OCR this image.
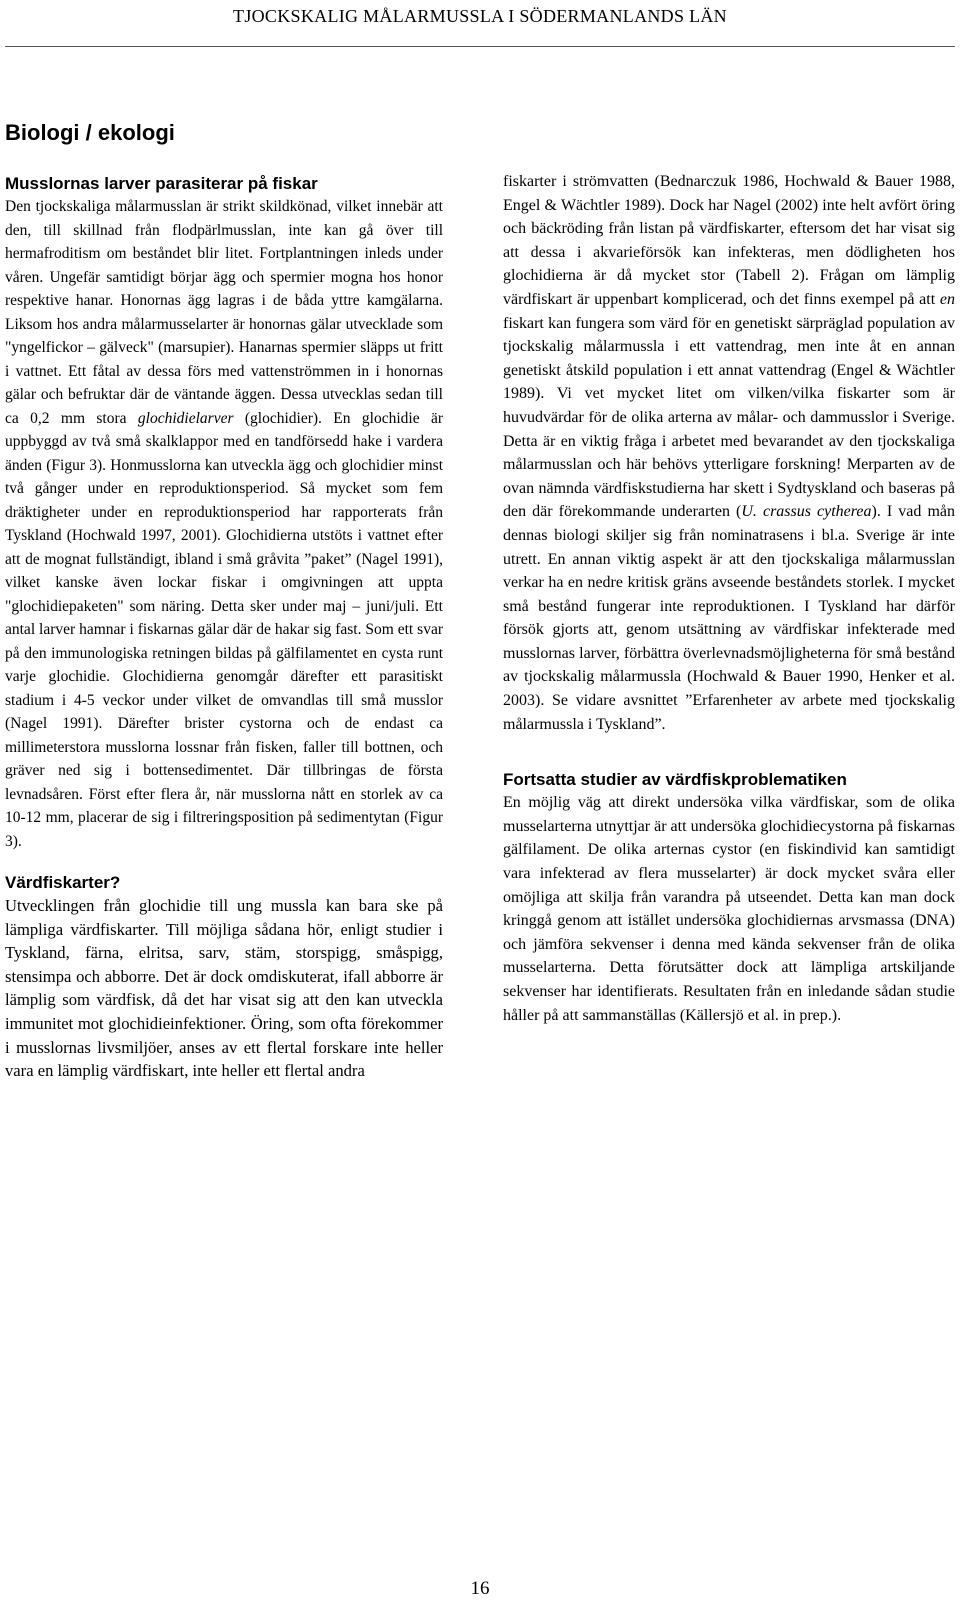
TJOCKSKALIG MÅLARMUSSLA I SÖDERMANLANDS LÄN
Biologi / ekologi
Musslornas larver parasiterar på fiskar

Den tjockskaliga målarmusslan är strikt skildkönad, vilket innebär att den, till skillnad från flodpärlmusslan, inte kan gå över till hermafroditism om beståndet blir litet. Fortplantningen inleds under våren. Ungefär samtidigt börjar ägg och spermier mogna hos honor respektive hanar. Honornas ägg lagras i de båda yttre kamgälarna. Liksom hos andra målarmusselarter är honornas gälar utvecklade som "yngelfickor – gälveck" (marsupier). Hanarnas spermier släpps ut fritt i vattnet. Ett fåtal av dessa förs med vattenströmmen in i honornas gälar och befruktar där de väntande äggen. Dessa utvecklas sedan till ca 0,2 mm stora glochidielarver (glochidier). En glochidie är uppbyggd av två små skalklappor med en tandförsedd hake i vardera änden (Figur 3). Honmusslorna kan utveckla ägg och glochidier minst två gånger under en reproduktionsperiod. Så mycket som fem dräktigheter under en reproduktionsperiod har rapporterats från Tyskland (Hochwald 1997, 2001). Glochidierna utstöts i vattnet efter att de mognat fullständigt, ibland i små gråvita ”paket” (Nagel 1991), vilket kanske även lockar fiskar i omgivningen att uppta "glochidiepaketen" som näring. Detta sker under maj – juni/juli. Ett antal larver hamnar i fiskarnas gälar där de hakar sig fast. Som ett svar på den immunologiska retningen bildas på gälfilamentet en cysta runt varje glochidie. Glochidierna genomgår därefter ett parasitiskt stadium i 4-5 veckor under vilket de omvandlas till små musslor (Nagel 1991). Därefter brister cystorna och de endast ca millimeterstora musslorna lossnar från fisken, faller till bottnen, och gräver ned sig i bottensedimentet. Där tillbringas de första levnadsåren. Först efter flera år, när musslorna nått en storlek av ca 10-12 mm, placerar de sig i filtreringsposition på sedimentytan (Figur 3).

Värdfiskarter?

Utvecklingen från glochidie till ung mussla kan bara ske på lämpliga värdfiskarter. Till möjliga sådana hör, enligt studier i Tyskland, färna, elritsa, sarv, stäm, storspigg, småspigg, stensimpa och abborre. Det är dock omdiskuterat, ifall abborre är lämplig som värdfisk, då det har visat sig att den kan utveckla immunitet mot glochidieinfektioner. Öring, som ofta förekommer i musslornas livsmiljöer, anses av ett flertal forskare inte heller vara en lämplig värdfiskart, inte heller ett flertal andra

fiskarter i strömvatten (Bednarczuk 1986, Hochwald & Bauer 1988, Engel & Wächtler 1989). Dock har Nagel (2002) inte helt avfört öring och bäckröding från listan på värdfiskarter, eftersom det har visat sig att dessa i akvarieförsök kan infekteras, men dödligheten hos glochidierna är då mycket stor (Tabell 2). Frågan om lämplig värdfiskart är uppenbart komplicerad, och det finns exempel på att en fiskart kan fungera som värd för en genetiskt särpräglad population av tjockskalig målarmussla i ett vattendrag, men inte åt en annan genetiskt åtskild population i ett annat vattendrag (Engel & Wächtler 1989). Vi vet mycket litet om vilken/vilka fiskarter som är huvudvärdar för de olika arterna av målar- och dammusslor i Sverige. Detta är en viktig fråga i arbetet med bevarandet av den tjockskaliga målarmusslan och här behövs ytterligare forskning! Merparten av de ovan nämnda värdfiskstudierna har skett i Sydtyskland och baseras på den där förekommande underarten (U. crassus cytherea). I vad mån dennas biologi skiljer sig från nominatrasens i bl.a. Sverige är inte utrett. En annan viktig aspekt är att den tjockskaliga målarmusslan verkar ha en nedre kritisk gräns avseende beståndets storlek. I mycket små bestånd fungerar inte reproduktionen. I Tyskland har därför försök gjorts att, genom utsättning av värdfiskar infekterade med musslornas larver, förbättra överlevnadsmöjligheterna för små bestånd av tjockskalig målarmussla (Hochwald & Bauer 1990, Henker et al. 2003). Se vidare avsnittet ”Erfarenheter av arbete med tjockskalig målarmussla i Tyskland”.

Fortsatta studier av värdfiskproblematiken

En möjlig väg att direkt undersöka vilka värdfiskar, som de olika musselarterna utnyttjar är att undersöka glochidiecystorna på fiskarnas gälfilament. De olika arternas cystor (en fiskindivid kan samtidigt vara infekterad av flera musselarter) är dock mycket svåra eller omöjliga att skilja från varandra på utseendet. Detta kan man dock kringgå genom att istället undersöka glochidiernas arvsmassa (DNA) och jämföra sekvenser i denna med kända sekvenser från de olika musselarterna. Detta förutsätter dock att lämpliga artskiljande sekvenser har identifierats. Resultaten från en inledande sådan studie håller på att sammanställas (Källersjö et al. in prep.).

16
